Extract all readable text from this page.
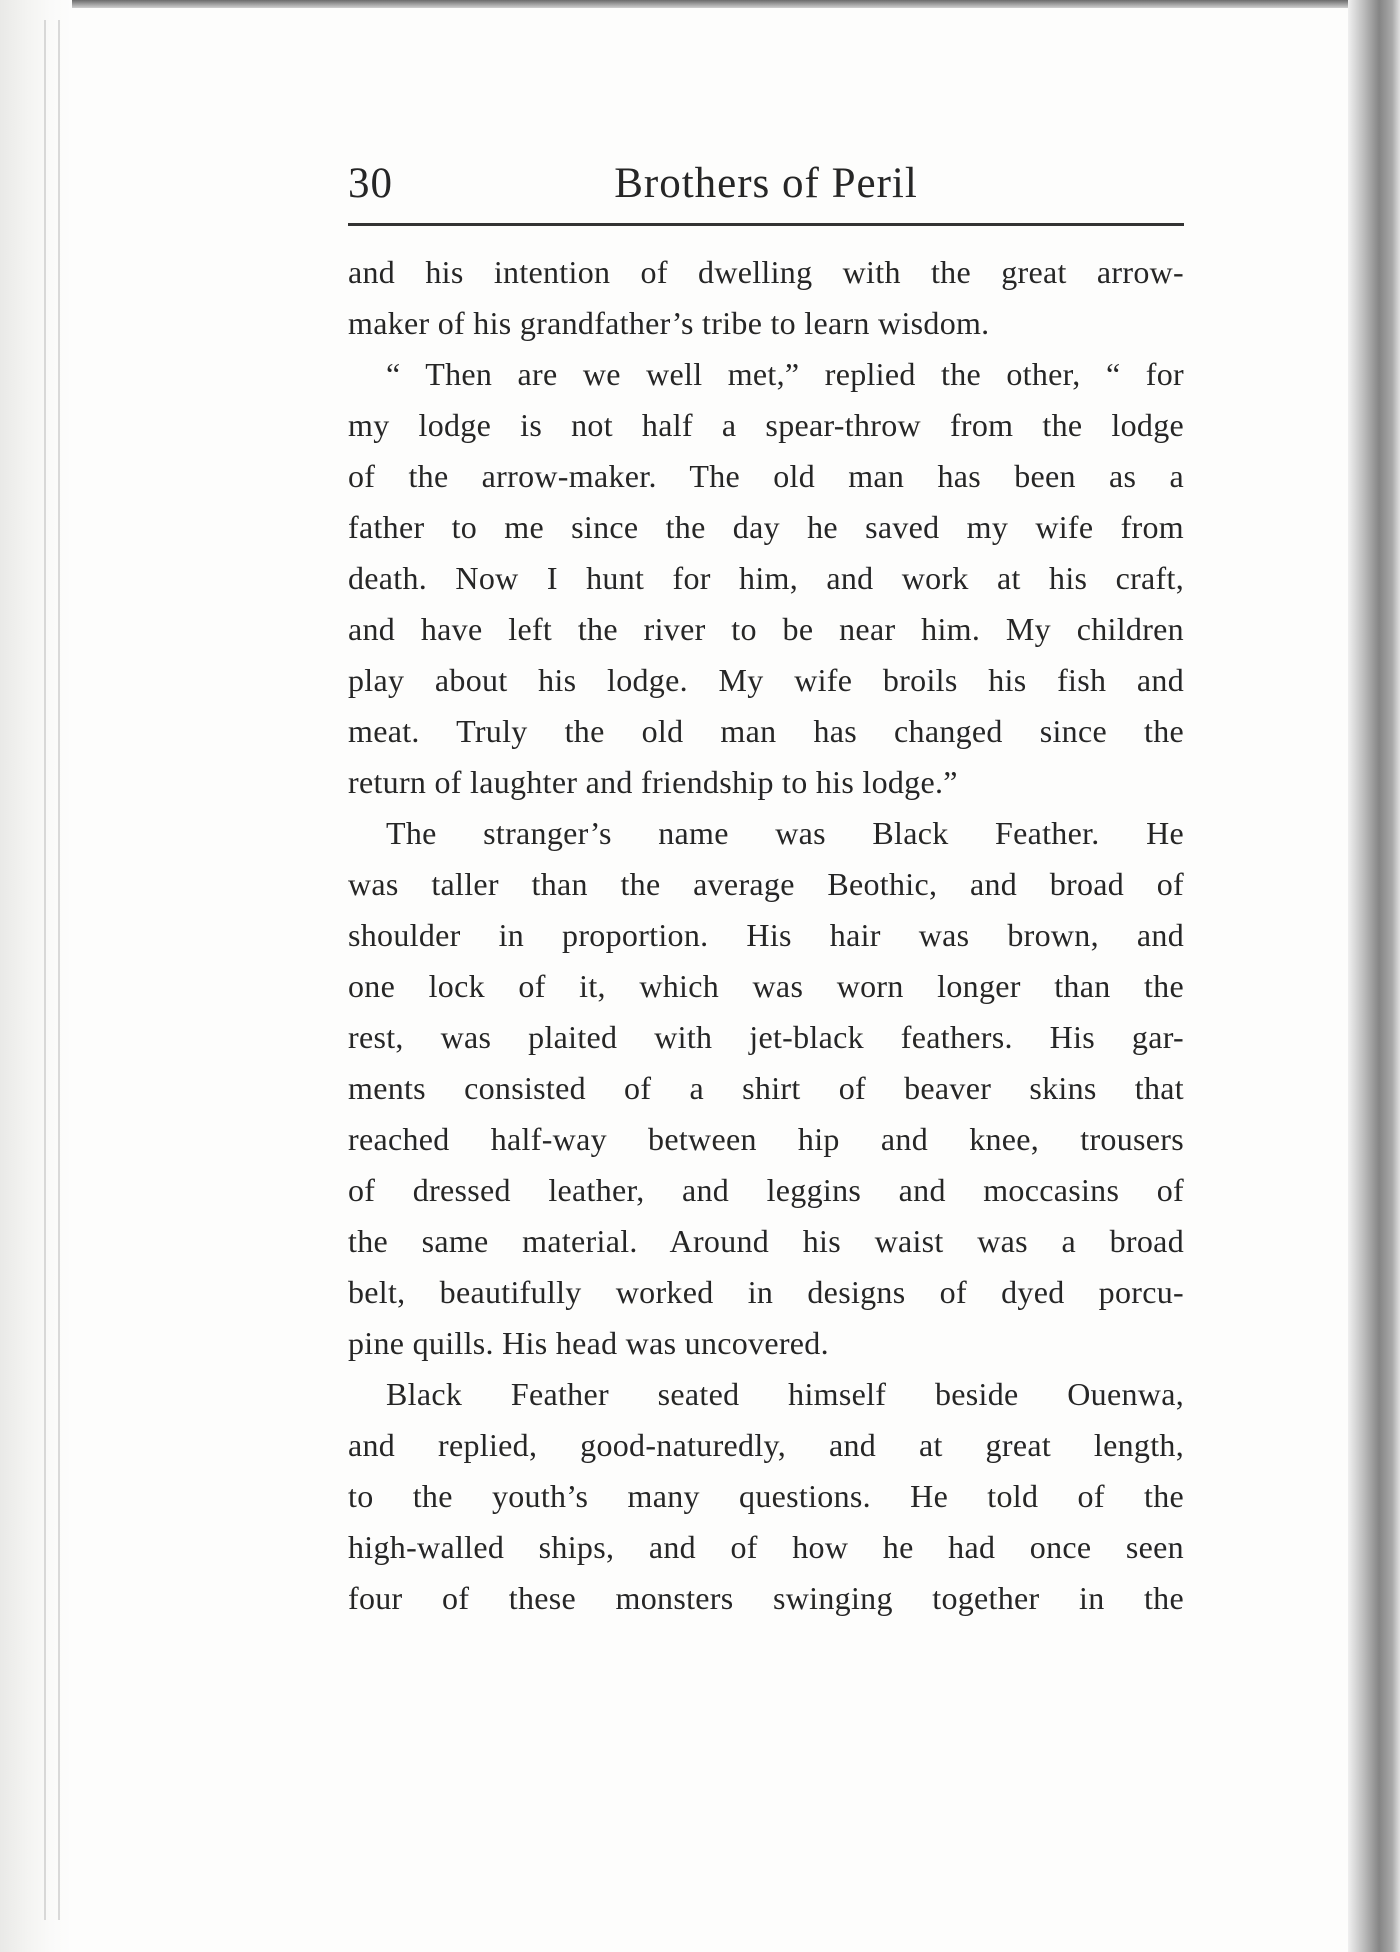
30	Brothers of Peril
and his intention of dwelling with the great arrow-
maker of his grandfather’s tribe to learn wisdom.
“ Then are we well met,” replied the other, “ for
my lodge is not half a spear-throw from the lodge
of the arrow-maker. The old man has been as a
father to me since the day he saved my wife from
death. Now I hunt for him, and work at his craft,
and have left the river to be near him. My children
play about his lodge. My wife broils his fish and
meat. Truly the old man has changed since the
return of laughter and friendship to his lodge.”
The stranger’s name was Black Feather. He
was taller than the average Beothic, and broad of
shoulder in proportion. His hair was brown, and
one lock of it, which was worn longer than the
rest, was plaited with jet-black feathers. His gar-
ments consisted of a shirt of beaver skins that
reached half-way between hip and knee, trousers
of dressed leather, and leggins and moccasins of
the same material. Around his waist was a broad
belt, beautifully worked in designs of dyed porcu-
pine quills. His head was uncovered.
Black Feather seated himself beside Ouenwa,
and replied, good-naturedly, and at great length,
to the youth’s many questions. He told of the
high-walled ships, and of how he had once seen
four of these monsters swinging together in the
